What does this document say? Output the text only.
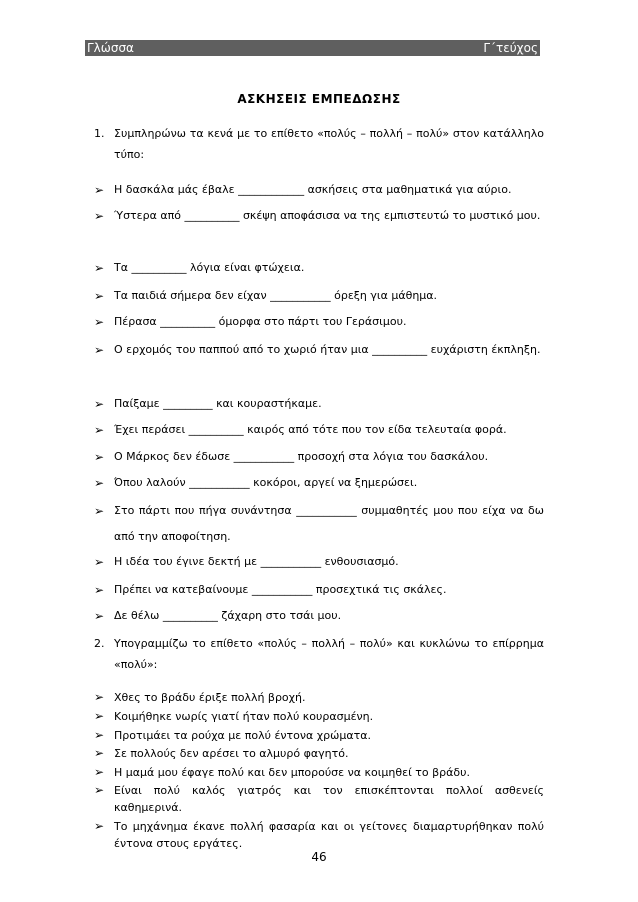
Γλώσσα	Γ΄τεύχος
ΑΣΚΗΣΕΙΣ ΕΜΠΕΔΩΣΗΣ
1. Συμπληρώνω τα κενά με το επίθετο «πολύς – πολλή – πολύ» στον κατάλληλο τύπο:
➢ Η δασκάλα μάς έβαλε ____________ ασκήσεις στα μαθηματικά για αύριο.
➢ Ύστερα από __________ σκέψη αποφάσισα να της εμπιστευτώ το μυστικό μου.
➢ Τα __________ λόγια είναι φτώχεια.
➢ Τα παιδιά σήμερα δεν είχαν ___________ όρεξη για μάθημα.
➢ Πέρασα __________ όμορφα στο πάρτι του Γεράσιμου.
➢ Ο ερχομός του παππού από το χωριό ήταν μια __________ ευχάριστη έκπληξη.
➢ Παίξαμε _________ και κουραστήκαμε.
➢ Έχει περάσει __________ καιρός από τότε που τον είδα τελευταία φορά.
➢ Ο Μάρκος δεν έδωσε ___________ προσοχή στα λόγια του δασκάλου.
➢ Όπου λαλούν ___________ κοκόροι, αργεί να ξημερώσει.
➢ Στο πάρτι που πήγα συνάντησα ___________ συμμαθητές μου που είχα να δω από την αποφοίτηση.
➢ Η ιδέα του έγινε δεκτή με ___________ ενθουσιασμό.
➢ Πρέπει να κατεβαίνουμε ___________ προσεχτικά τις σκάλες.
➢ Δε θέλω __________ ζάχαρη στο τσάι μου.
2. Υπογραμμίζω το επίθετο «πολύς – πολλή – πολύ» και κυκλώνω το επίρρημα «πολύ»:
➢ Χθες το βράδυ έριξε πολλή βροχή.
➢ Κοιμήθηκε νωρίς γιατί ήταν πολύ κουρασμένη.
➢ Προτιμάει τα ρούχα με πολύ έντονα χρώματα.
➢ Σε πολλούς δεν αρέσει το αλμυρό φαγητό.
➢ Η μαμά μου έφαγε πολύ και δεν μπορούσε να κοιμηθεί το βράδυ.
➢ Είναι πολύ καλός γιατρός και τον επισκέπτονται πολλοί ασθενείς καθημερινά.
➢ Το μηχάνημα έκανε πολλή φασαρία και οι γείτονες διαμαρτυρήθηκαν πολύ έντονα στους εργάτες.
46
